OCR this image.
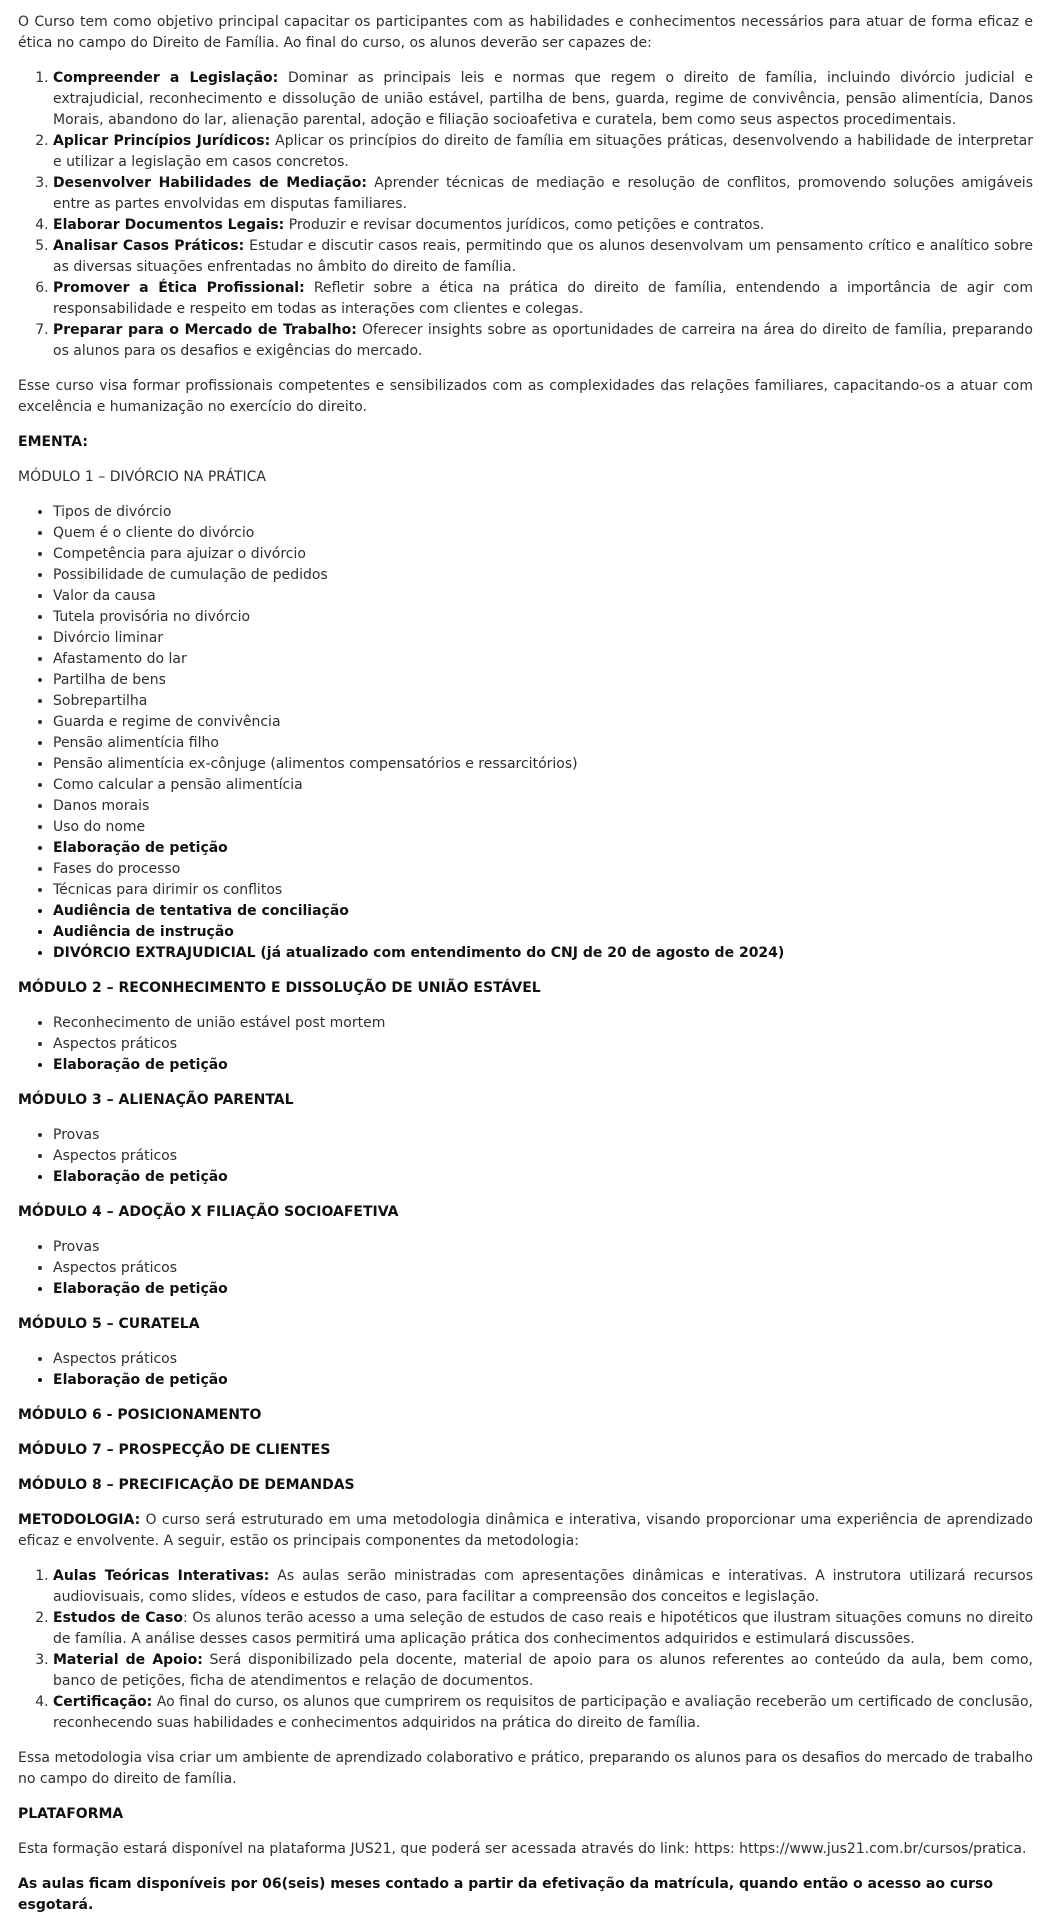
O Curso tem como objetivo principal capacitar os participantes com as habilidades e conhecimentos necessários para atuar de forma eficaz e ética no campo do Direito de Família. Ao final do curso, os alunos deverão ser capazes de:

1. Compreender a Legislação: Dominar as principais leis e normas que regem o direito de família, incluindo divórcio judicial e extrajudicial, reconhecimento e dissolução de união estável, partilha de bens, guarda, regime de convivência, pensão alimentícia, Danos Morais, abandono do lar, alienação parental, adoção e filiação socioafetiva e curatela, bem como seus aspectos procedimentais.
2. Aplicar Princípios Jurídicos: Aplicar os princípios do direito de família em situações práticas, desenvolvendo a habilidade de interpretar e utilizar a legislação em casos concretos.
3. Desenvolver Habilidades de Mediação: Aprender técnicas de mediação e resolução de conflitos, promovendo soluções amigáveis entre as partes envolvidas em disputas familiares.
4. Elaborar Documentos Legais: Produzir e revisar documentos jurídicos, como petições e contratos.
5. Analisar Casos Práticos: Estudar e discutir casos reais, permitindo que os alunos desenvolvam um pensamento crítico e analítico sobre as diversas situações enfrentadas no âmbito do direito de família.
6. Promover a Ética Profissional: Refletir sobre a ética na prática do direito de família, entendendo a importância de agir com responsabilidade e respeito em todas as interações com clientes e colegas.
7. Preparar para o Mercado de Trabalho: Oferecer insights sobre as oportunidades de carreira na área do direito de família, preparando os alunos para os desafios e exigências do mercado.

Esse curso visa formar profissionais competentes e sensibilizados com as complexidades das relações familiares, capacitando-os a atuar com excelência e humanização no exercício do direito.

EMENTA:

MÓDULO 1 – DIVÓRCIO NA PRÁTICA

• Tipos de divórcio
• Quem é o cliente do divórcio
• Competência para ajuizar o divórcio
• Possibilidade de cumulação de pedidos
• Valor da causa
• Tutela provisória no divórcio
• Divórcio liminar
• Afastamento do lar
• Partilha de bens
• Sobrepartilha
• Guarda e regime de convivência
• Pensão alimentícia filho
• Pensão alimentícia ex-cônjuge (alimentos compensatórios e ressarcitórios)
• Como calcular a pensão alimentícia
• Danos morais
• Uso do nome
• Elaboração de petição
• Fases do processo
• Técnicas para dirimir os conflitos
• Audiência de tentativa de conciliação
• Audiência de instrução
• DIVÓRCIO EXTRAJUDICIAL (já atualizado com entendimento do CNJ de 20 de agosto de 2024)

MÓDULO 2 – RECONHECIMENTO E DISSOLUÇÃO DE UNIÃO ESTÁVEL

• Reconhecimento de união estável post mortem
• Aspectos práticos
• Elaboração de petição

MÓDULO 3 – ALIENAÇÃO PARENTAL

• Provas
• Aspectos práticos
• Elaboração de petição

MÓDULO 4 – ADOÇÃO X FILIAÇÃO SOCIOAFETIVA

• Provas
• Aspectos práticos
• Elaboração de petição

MÓDULO 5 – CURATELA

• Aspectos práticos
• Elaboração de petição

MÓDULO 6 - POSICIONAMENTO

MÓDULO 7 – PROSPECÇÃO DE CLIENTES

MÓDULO 8 – PRECIFICAÇÃO DE DEMANDAS

METODOLOGIA: O curso será estruturado em uma metodologia dinâmica e interativa, visando proporcionar uma experiência de aprendizado eficaz e envolvente. A seguir, estão os principais componentes da metodologia:

1. Aulas Teóricas Interativas: As aulas serão ministradas com apresentações dinâmicas e interativas. A instrutora utilizará recursos audiovisuais, como slides, vídeos e estudos de caso, para facilitar a compreensão dos conceitos e legislação.
2. Estudos de Caso: Os alunos terão acesso a uma seleção de estudos de caso reais e hipotéticos que ilustram situações comuns no direito de família. A análise desses casos permitirá uma aplicação prática dos conhecimentos adquiridos e estimulará discussões.
3. Material de Apoio: Será disponibilizado pela docente, material de apoio para os alunos referentes ao conteúdo da aula, bem como, banco de petições, ficha de atendimentos e relação de documentos.
4. Certificação: Ao final do curso, os alunos que cumprirem os requisitos de participação e avaliação receberão um certificado de conclusão, reconhecendo suas habilidades e conhecimentos adquiridos na prática do direito de família.

Essa metodologia visa criar um ambiente de aprendizado colaborativo e prático, preparando os alunos para os desafios do mercado de trabalho no campo do direito de família.

PLATAFORMA

Esta formação estará disponível na plataforma JUS21, que poderá ser acessada através do link: https: https://www.jus21.com.br/cursos/pratica.

As aulas ficam disponíveis por 06(seis) meses contado a partir da efetivação da matrícula, quando então o acesso ao curso esgotará.
